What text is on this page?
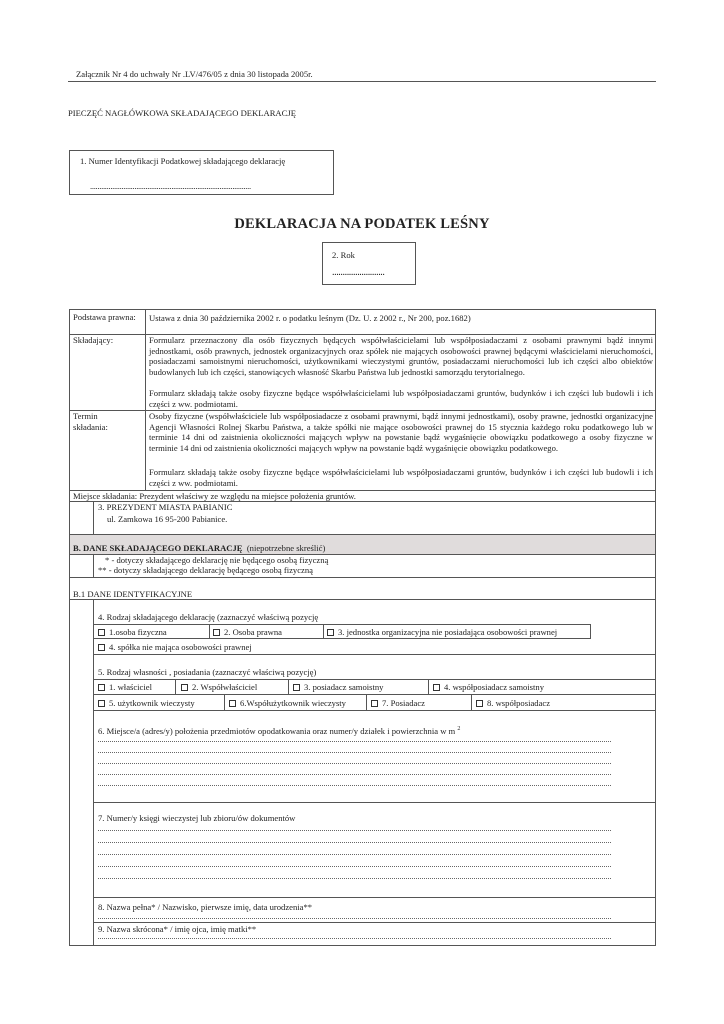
Załącznik Nr 4 do uchwały Nr .LV/476/05 z dnia 30 listopada 2005r.
PIECZĘĆ NAGŁÓWKOWA SKŁADAJĄCEGO DEKLARACJĘ
1. Numer Identyfikacji Podatkowej składającego deklarację
.......................................................................................
DEKLARACJA NA PODATEK LEŚNY
2. Rok
.........................
Podstawa prawna:	Ustawa z dnia 30 października 2002 r. o podatku leśnym (Dz. U. z 2002 r., Nr 200, poz.1682)
Składający:	Formularz przeznaczony dla osób fizycznych będących współwłaścicielami lub współposiadaczami z osobami prawnymi bądź innymi jednostkami, osób prawnych, jednostek organizacyjnych oraz spółek nie mających osobowości prawnej będącymi właścicielami nieruchomości, posiadaczami samoistnymi nieruchomości, użytkownikami wieczystymi gruntów, posiadaczami nieruchomości lub ich części albo obiektów budowlanych lub ich części, stanowiących własność Skarbu Państwa lub jednostki samorządu terytorialnego.
Formularz składają także osoby fizyczne będące współwłaścicielami lub współposiadaczami gruntów, budynków i ich części lub budowli i ich części z ww. podmiotami.
Termin
składania:
Osoby fizyczne (współwłaściciele lub współposiadacze z osobami prawnymi, bądź innymi jednostkami), osoby prawne, jednostki organizacyjne Agencji Własności Rolnej Skarbu Państwa, a także spółki nie mające osobowości prawnej do 15 stycznia każdego roku podatkowego lub w terminie 14 dni od zaistnienia okoliczności mających wpływ na powstanie bądź wygaśnięcie obowiązku podatkowego a osoby fizyczne w terminie 14 dni od zaistnienia okoliczności mających wpływ na powstanie bądź wygaśnięcie obowiązku podatkowego.
Formularz składają także osoby fizyczne będące współwłaścicielami lub współposiadaczami gruntów, budynków i ich części lub budowli i ich części z ww. podmiotami.
Miejsce składania: Prezydent właściwy ze względu na miejsce położenia gruntów.
3. PREZYDENT MIASTA PABIANIC
ul. Zamkowa 16 95-200 Pabianice.
B. DANE SKŁADAJĄCEGO DEKLARACJĘ (niepotrzebne skreślić)
* - dotyczy składającego deklarację nie będącego osobą fizyczną
** - dotyczy składającego deklarację będącego osobą fizyczną
B.1 DANE IDENTYFIKACYJNE
4. Rodzaj składającego deklarację (zaznaczyć właściwą pozycję
1.osoba fizyczna	2. Osoba prawna	3. jednostka organizacyjna nie posiadająca osobowości prawnej
4. spółka nie mająca osobowości prawnej
5. Rodzaj własności , posiadania (zaznaczyć właściwą pozycję)
1. właściciel	2. Współwłaściciel	3. posiadacz samoistny	4. współposiadacz samoistny
5. użytkownik wieczysty	6.Współużytkownik wieczysty	7. Posiadacz	8. współposiadacz
6. Miejsce/a (adres/y) położenia przedmiotów opodatkowania oraz numer/y działek i powierzchnia w m $^2$
7. Numer/y księgi wieczystej lub zbioru/ów dokumentów
8. Nazwa pełna* / Nazwisko, pierwsze imię, data urodzenia**
9. Nazwa skrócona* / imię ojca, imię matki**
